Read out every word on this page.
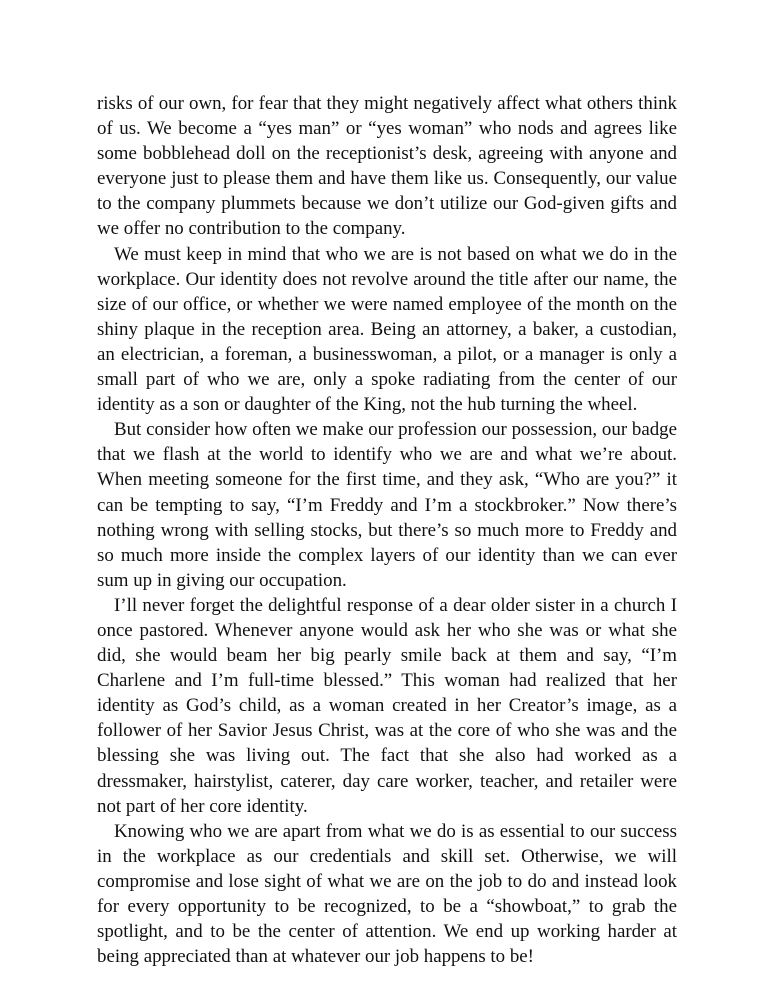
risks of our own, for fear that they might negatively affect what others think of us. We become a “yes man” or “yes woman” who nods and agrees like some bobblehead doll on the receptionist’s desk, agreeing with anyone and everyone just to please them and have them like us. Consequently, our value to the company plummets because we don’t utilize our God-given gifts and we offer no contribution to the company.

We must keep in mind that who we are is not based on what we do in the workplace. Our identity does not revolve around the title after our name, the size of our office, or whether we were named employee of the month on the shiny plaque in the reception area. Being an attorney, a baker, a custodian, an electrician, a foreman, a businesswoman, a pilot, or a manager is only a small part of who we are, only a spoke radiating from the center of our identity as a son or daughter of the King, not the hub turning the wheel.

But consider how often we make our profession our possession, our badge that we flash at the world to identify who we are and what we’re about. When meeting someone for the first time, and they ask, “Who are you?” it can be tempting to say, “I’m Freddy and I’m a stockbroker.” Now there’s nothing wrong with selling stocks, but there’s so much more to Freddy and so much more inside the complex layers of our identity than we can ever sum up in giving our occupation.

I’ll never forget the delightful response of a dear older sister in a church I once pastored. Whenever anyone would ask her who she was or what she did, she would beam her big pearly smile back at them and say, “I’m Charlene and I’m full-time blessed.” This woman had realized that her identity as God’s child, as a woman created in her Creator’s image, as a follower of her Savior Jesus Christ, was at the core of who she was and the blessing she was living out. The fact that she also had worked as a dressmaker, hairstylist, caterer, day care worker, teacher, and retailer were not part of her core identity.

Knowing who we are apart from what we do is as essential to our success in the workplace as our credentials and skill set. Otherwise, we will compromise and lose sight of what we are on the job to do and instead look for every opportunity to be recognized, to be a “showboat,” to grab the spotlight, and to be the center of attention. We end up working harder at being appreciated than at whatever our job happens to be!
